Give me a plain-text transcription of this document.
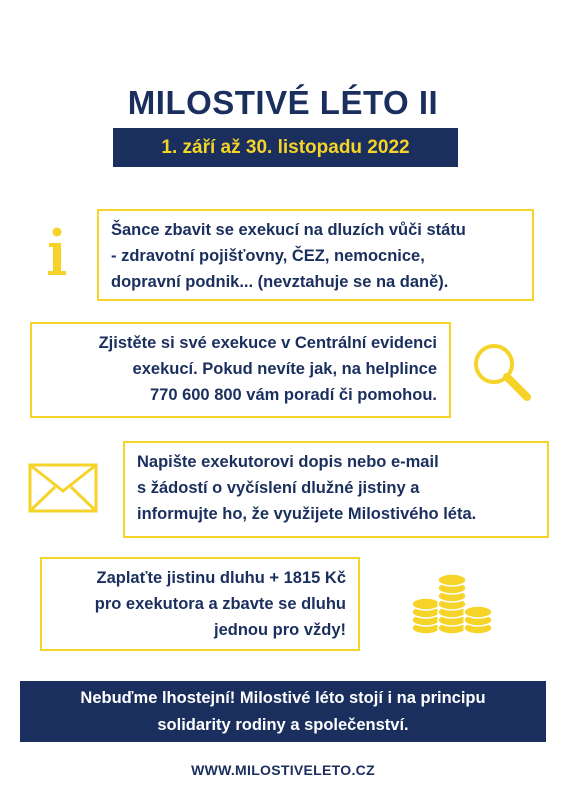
MILOSTIVÉ LÉTO II
1. září až 30. listopadu 2022
Šance zbavit se exekucí na dluzích vůči státu
- zdravotní pojišťovny, ČEZ, nemocnice,
dopravní podnik... (nevztahuje se na daně).
Zjistěte si své exekuce v Centrální evidenci
exekucí. Pokud nevíte jak, na helplince
770 600 800 vám poradí či pomohou.
Napište exekutorovi dopis nebo e-mail
s žádostí o vyčíslení dlužné jistiny a
informujte ho, že využijete Milostivého léta.
Zaplaťte jistinu dluhu + 1815 Kč
pro exekutora a zbavte se dluhu
jednou pro vždy!
Nebuďme lhostejní! Milostivé léto stojí i na principu
solidarity rodiny a společenství.
WWW.MILOSTIVELETO.CZ
